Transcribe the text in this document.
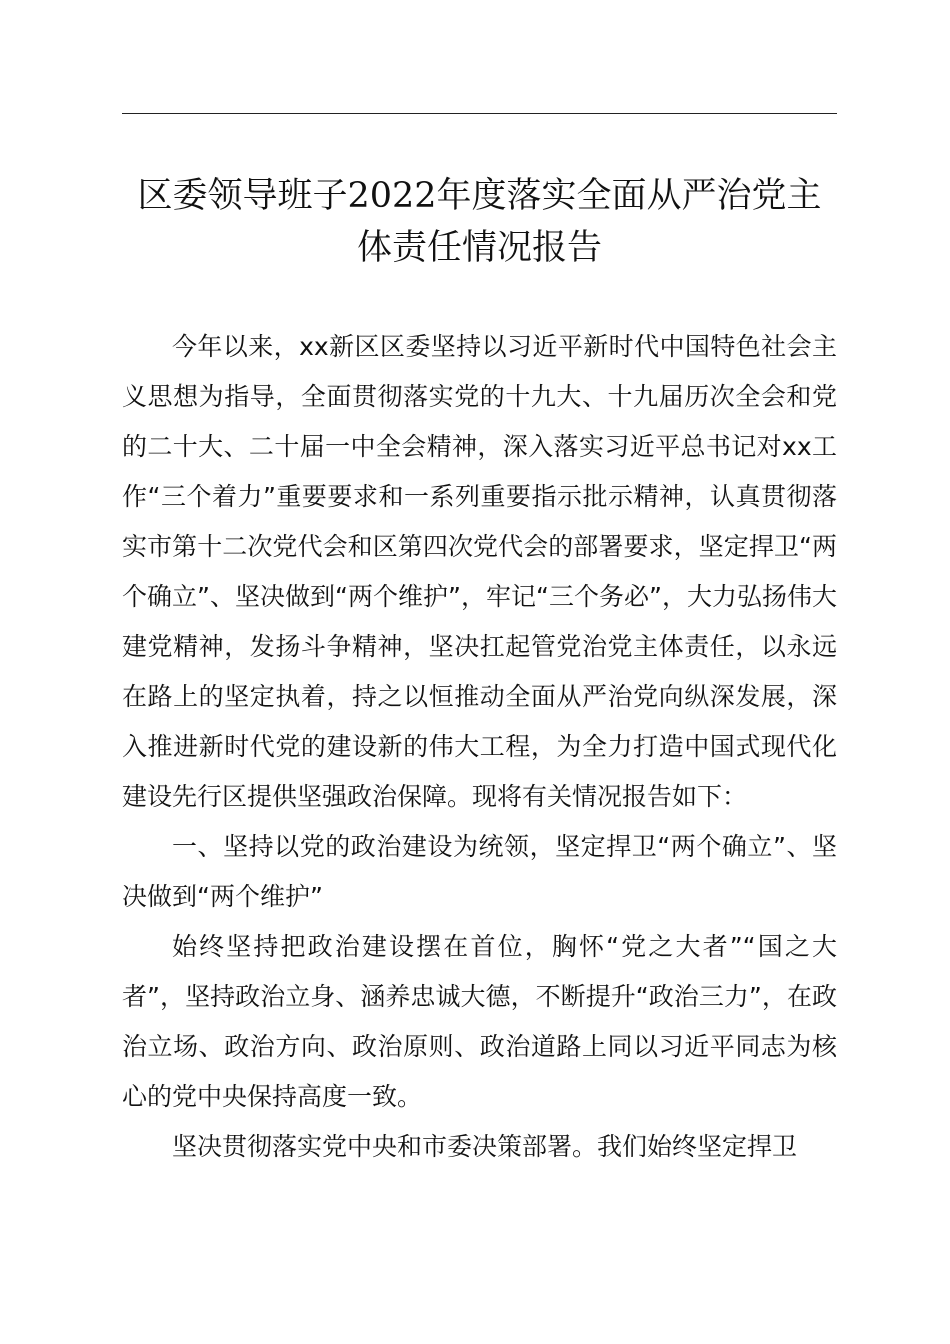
区委领导班子2022年度落实全面从严治党主
体责任情况报告

今年以来，xx新区区委坚持以习近平新时代中国特色社会主义思想为指导，全面贯彻落实党的十九大、十九届历次全会和党的二十大、二十届一中全会精神，深入落实习近平总书记对xx工作“三个着力”重要要求和一系列重要指示批示精神，认真贯彻落实市第十二次党代会和区第四次党代会的部署要求，坚定捍卫“两个确立”、坚决做到“两个维护”，牢记“三个务必”，大力弘扬伟大建党精神，发扬斗争精神，坚决扛起管党治党主体责任，以永远在路上的坚定执着，持之以恒推动全面从严治党向纵深发展，深入推进新时代党的建设新的伟大工程，为全力打造中国式现代化建设先行区提供坚强政治保障。现将有关情况报告如下：

一、坚持以党的政治建设为统领，坚定捍卫“两个确立”、坚决做到“两个维护”

始终坚持把政治建设摆在首位，胸怀“党之大者”“国之大者”，坚持政治立身、涵养忠诚大德，不断提升“政治三力”，在政治立场、政治方向、政治原则、政治道路上同以习近平同志为核心的党中央保持高度一致。

坚决贯彻落实党中央和市委决策部署。我们始终坚定捍卫
